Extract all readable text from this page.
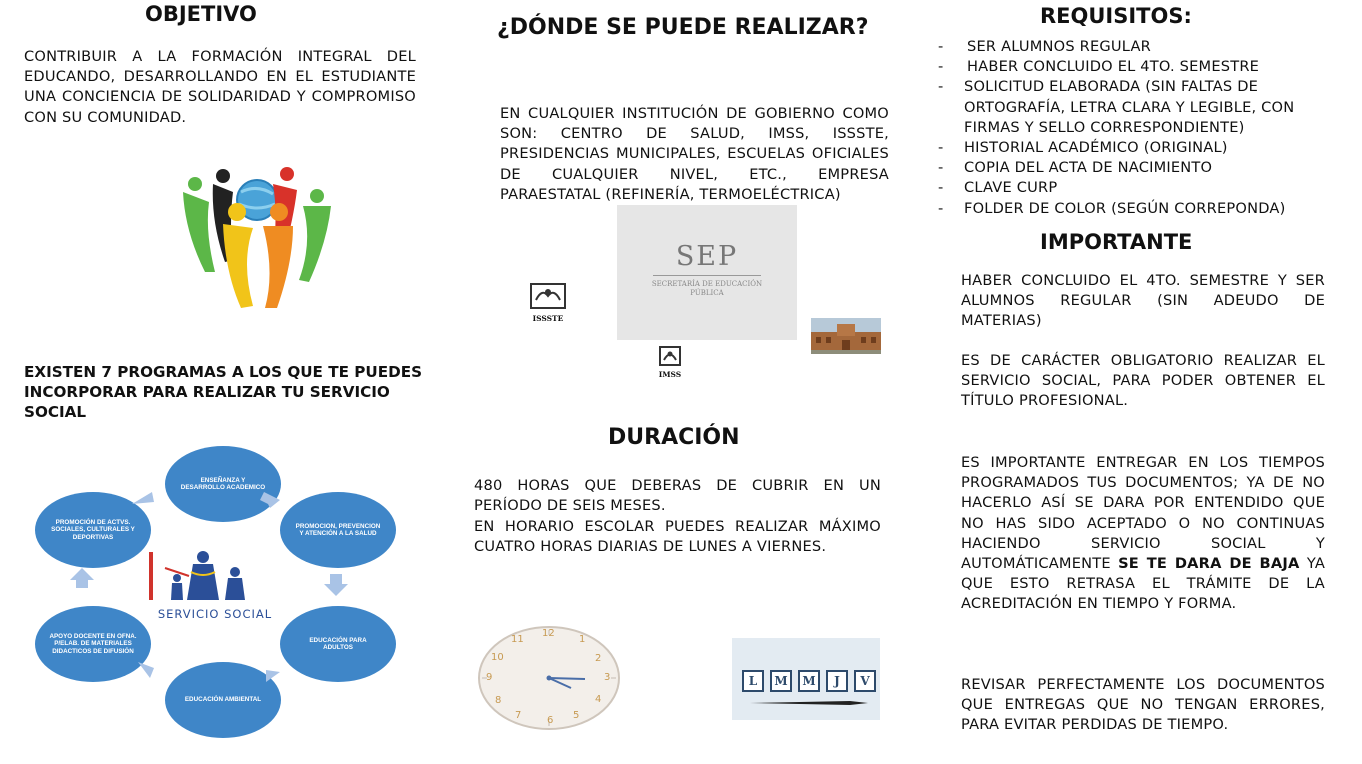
OBJETIVO
CONTRIBUIR A LA FORMACIÓN INTEGRAL DEL EDUCANDO, DESARROLLANDO EN EL ESTUDIANTE UNA CONCIENCIA DE SOLIDARIDAD Y COMPROMISO CON SU COMUNIDAD.
EXISTEN 7 PROGRAMAS A LOS QUE TE PUEDES INCORPORAR PARA REALIZAR TU SERVICIO SOCIAL
ENSEÑANZA Y DESARROLLO ACADEMICO
PROMOCION, PREVENCION Y ATENCIÓN A LA SALUD
EDUCACIÓN PARA ADULTOS
EDUCACIÓN AMBIENTAL
APOYO DOCENTE EN OFNA. P/ELAB. DE MATERIALES DIDACTICOS DE DIFUSIÓN
PROMOCIÓN DE ACTVS. SOCIALES, CULTURALES Y DEPORTIVAS
SERVICIO SOCIAL
¿DÓNDE SE PUEDE REALIZAR?
EN CUALQUIER INSTITUCIÓN DE GOBIERNO COMO SON: CENTRO DE SALUD, IMSS, ISSSTE, PRESIDENCIAS MUNICIPALES, ESCUELAS OFICIALES DE CUALQUIER NIVEL, ETC., EMPRESA PARAESTATAL (REFINERÍA, TERMOELÉCTRICA)
SEP
SECRETARÍA DE EDUCACIÓN PÚBLICA
ISSSTE
IMSS
DURACIÓN
480 HORAS QUE DEBERAS DE CUBRIR EN UN PERÍODO DE SEIS MESES.
EN HORARIO ESCOLAR PUEDES REALIZAR MÁXIMO CUATRO HORAS DIARIAS DE LUNES A VIERNES.
12
1
2
3
4
5
6
7
8
9
10
11
L	M	M	J	V
REQUISITOS:
- SER ALUMNOS REGULAR
- HABER CONCLUIDO EL 4TO. SEMESTRE
- SOLICITUD ELABORADA (SIN FALTAS DE ORTOGRAFÍA, LETRA CLARA Y LEGIBLE, CON FIRMAS Y SELLO CORRESPONDIENTE)
- HISTORIAL ACADÉMICO (ORIGINAL)
- COPIA DEL ACTA DE NACIMIENTO
- CLAVE CURP
- FOLDER DE COLOR (SEGÚN CORREPONDA)
IMPORTANTE
HABER CONCLUIDO EL 4TO. SEMESTRE Y SER ALUMNOS REGULAR (SIN ADEUDO DE MATERIAS)
ES DE CARÁCTER OBLIGATORIO REALIZAR EL SERVICIO SOCIAL, PARA PODER OBTENER EL TÍTULO PROFESIONAL.
ES IMPORTANTE ENTREGAR EN LOS TIEMPOS PROGRAMADOS TUS DOCUMENTOS; YA DE NO HACERLO ASÍ SE DARA POR ENTENDIDO QUE NO HAS SIDO ACEPTADO O NO CONTINUAS HACIENDO SERVICIO SOCIAL Y AUTOMÁTICAMENTE SE TE DARA DE BAJA YA QUE ESTO RETRASA EL TRÁMITE DE LA ACREDITACIÓN EN TIEMPO Y FORMA.
REVISAR PERFECTAMENTE LOS DOCUMENTOS QUE ENTREGAS QUE NO TENGAN ERRORES, PARA EVITAR PERDIDAS DE TIEMPO.
